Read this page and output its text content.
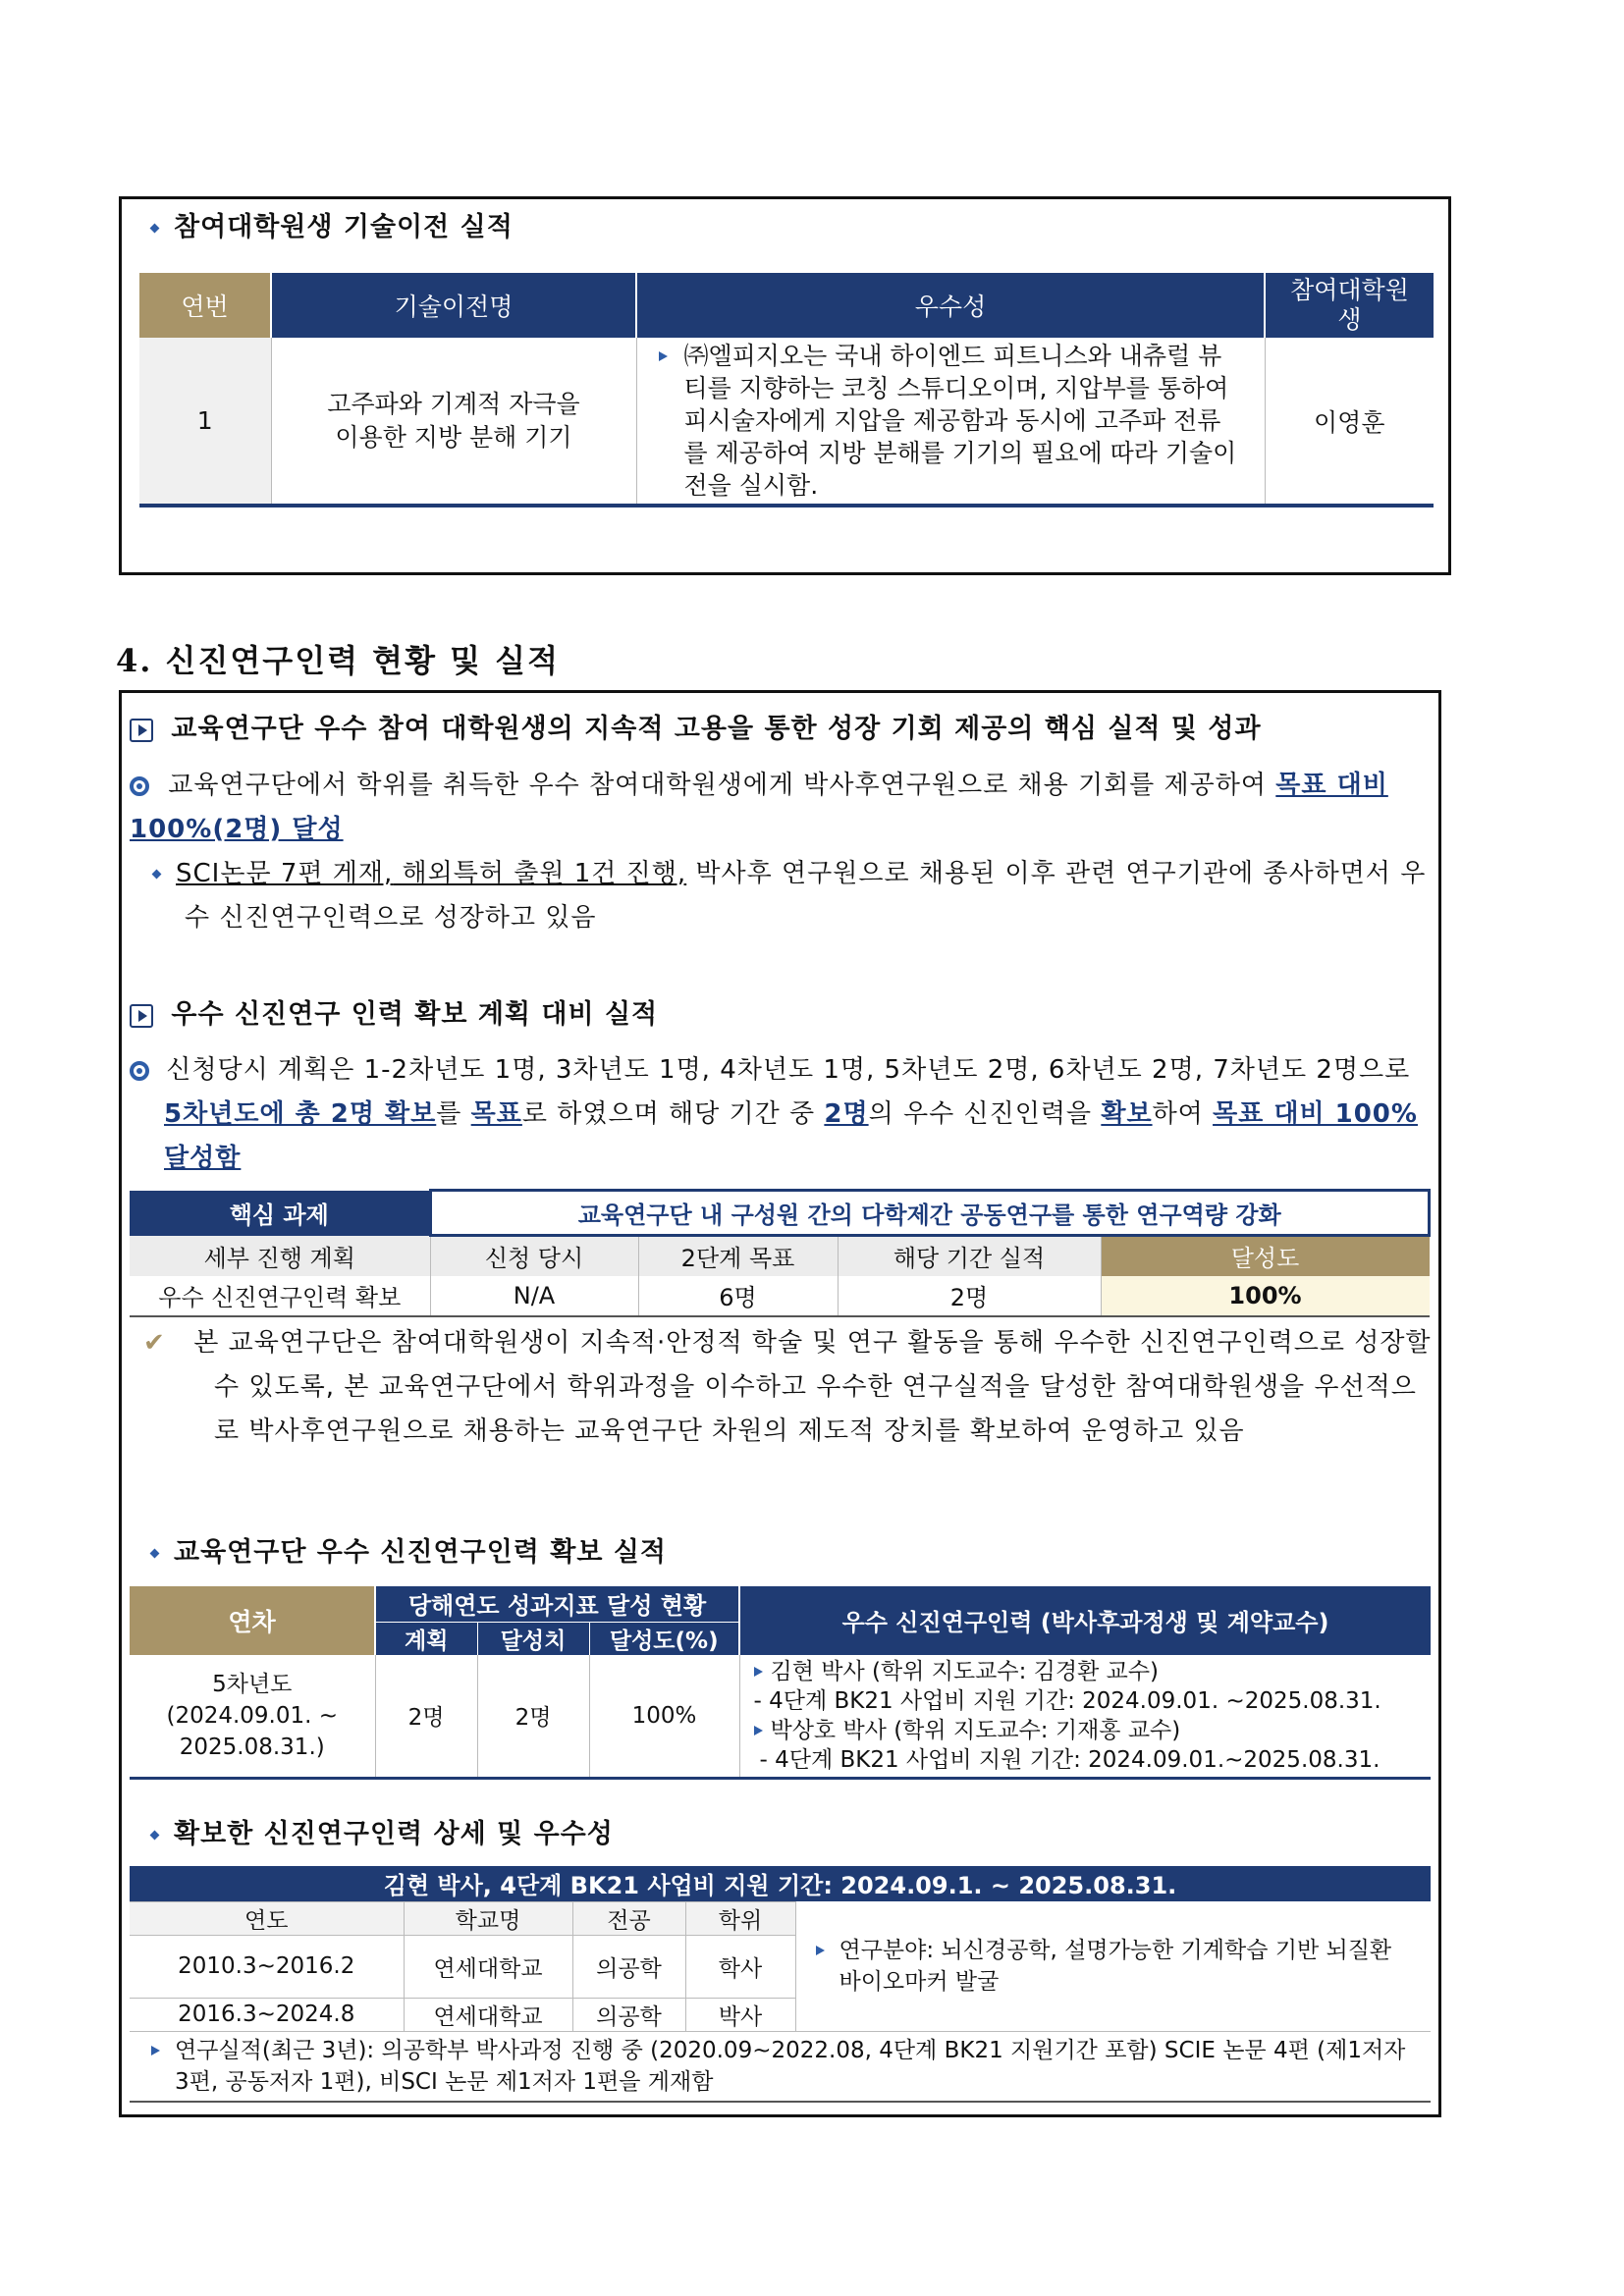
참여대학원생 기술이전 실적
연번	기술이전명	우수성	참여대학원생
1	고주파와 기계적 자극을 이용한 지방 분해 기기	㈜엘피지오는 국내 하이엔드 피트니스와 내츄럴 뷰티를 지향하는 코칭 스튜디오이며, 지압부를 통하여 피시술자에게 지압을 제공함과 동시에 고주파 전류를 제공하여 지방 분해를 기기의 필요에 따라 기술이전을 실시함.	이영훈
4. 신진연구인력 현황 및 실적
교육연구단 우수 참여 대학원생의 지속적 고용을 통한 성장 기회 제공의 핵심 실적 및 성과
교육연구단에서 학위를 취득한 우수 참여대학원생에게 박사후연구원으로 채용 기회를 제공하여 목표 대비 100%(2명) 달성
SCI논문 7편 게재, 해외특허 출원 1건 진행, 박사후 연구원으로 채용된 이후 관련 연구기관에 종사하면서 우수 신진연구인력으로 성장하고 있음
우수 신진연구 인력 확보 계획 대비 실적
신청당시 계획은 1-2차년도 1명, 3차년도 1명, 4차년도 1명, 5차년도 2명, 6차년도 2명, 7차년도 2명으로 5차년도에 총 2명 확보를 목표로 하였으며 해당 기간 중 2명의 우수 신진인력을 확보하여 목표 대비 100% 달성함
핵심 과제	교육연구단 내 구성원 간의 다학제간 공동연구를 통한 연구역량 강화			
세부 진행 계획	신청 당시	2단계 목표	해당 기간 실적	달성도
우수 신진연구인력 확보	N/A	6명	2명	100%
✔ 본 교육연구단은 참여대학원생이 지속적·안정적 학술 및 연구 활동을 통해 우수한 신진연구인력으로 성장할 수 있도록, 본 교육연구단에서 학위과정을 이수하고 우수한 연구실적을 달성한 참여대학원생을 우선적으로 박사후연구원으로 채용하는 교육연구단 차원의 제도적 장치를 확보하여 운영하고 있음
교육연구단 우수 신진연구인력 확보 실적
연차	당해연도 성과지표 달성 현황			우수 신진연구인력 (박사후과정생 및 계약교수)
	계획	달성치	달성도(%)	
5차년도(2024.09.01. ~ 2025.08.31.)	2명	2명	100%	김현 박사 (학위 지도교수: 김경환 교수)
- 4단계 BK21 사업비 지원 기간: 2024.09.01. ~2025.08.31.
박상호 박사 (학위 지도교수: 기재홍 교수)
- 4단계 BK21 사업비 지원 기간: 2024.09.01.~2025.08.31.
확보한 신진연구인력 상세 및 우수성
김현 박사, 4단계 BK21 사업비 지원 기간: 2024.09.1. ~ 2025.08.31.				
연도	학교명	전공	학위	연구분야: 뇌신경공학, 설명가능한 기계학습 기반 뇌질환 바이오마커 발굴

2010.3~2016.2	연세대학교	의공학	학사	
2016.3~2024.8	연세대학교	의공학	박사	

연구실적(최근 3년): 의공학부 박사과정 진행 중 (2020.09~2022.08, 4단계 BK21 지원기간 포함) SCIE 논문 4편 (제1저자 3편, 공동저자 1편), 비SCI 논문 제1저자 1편을 게재함				
